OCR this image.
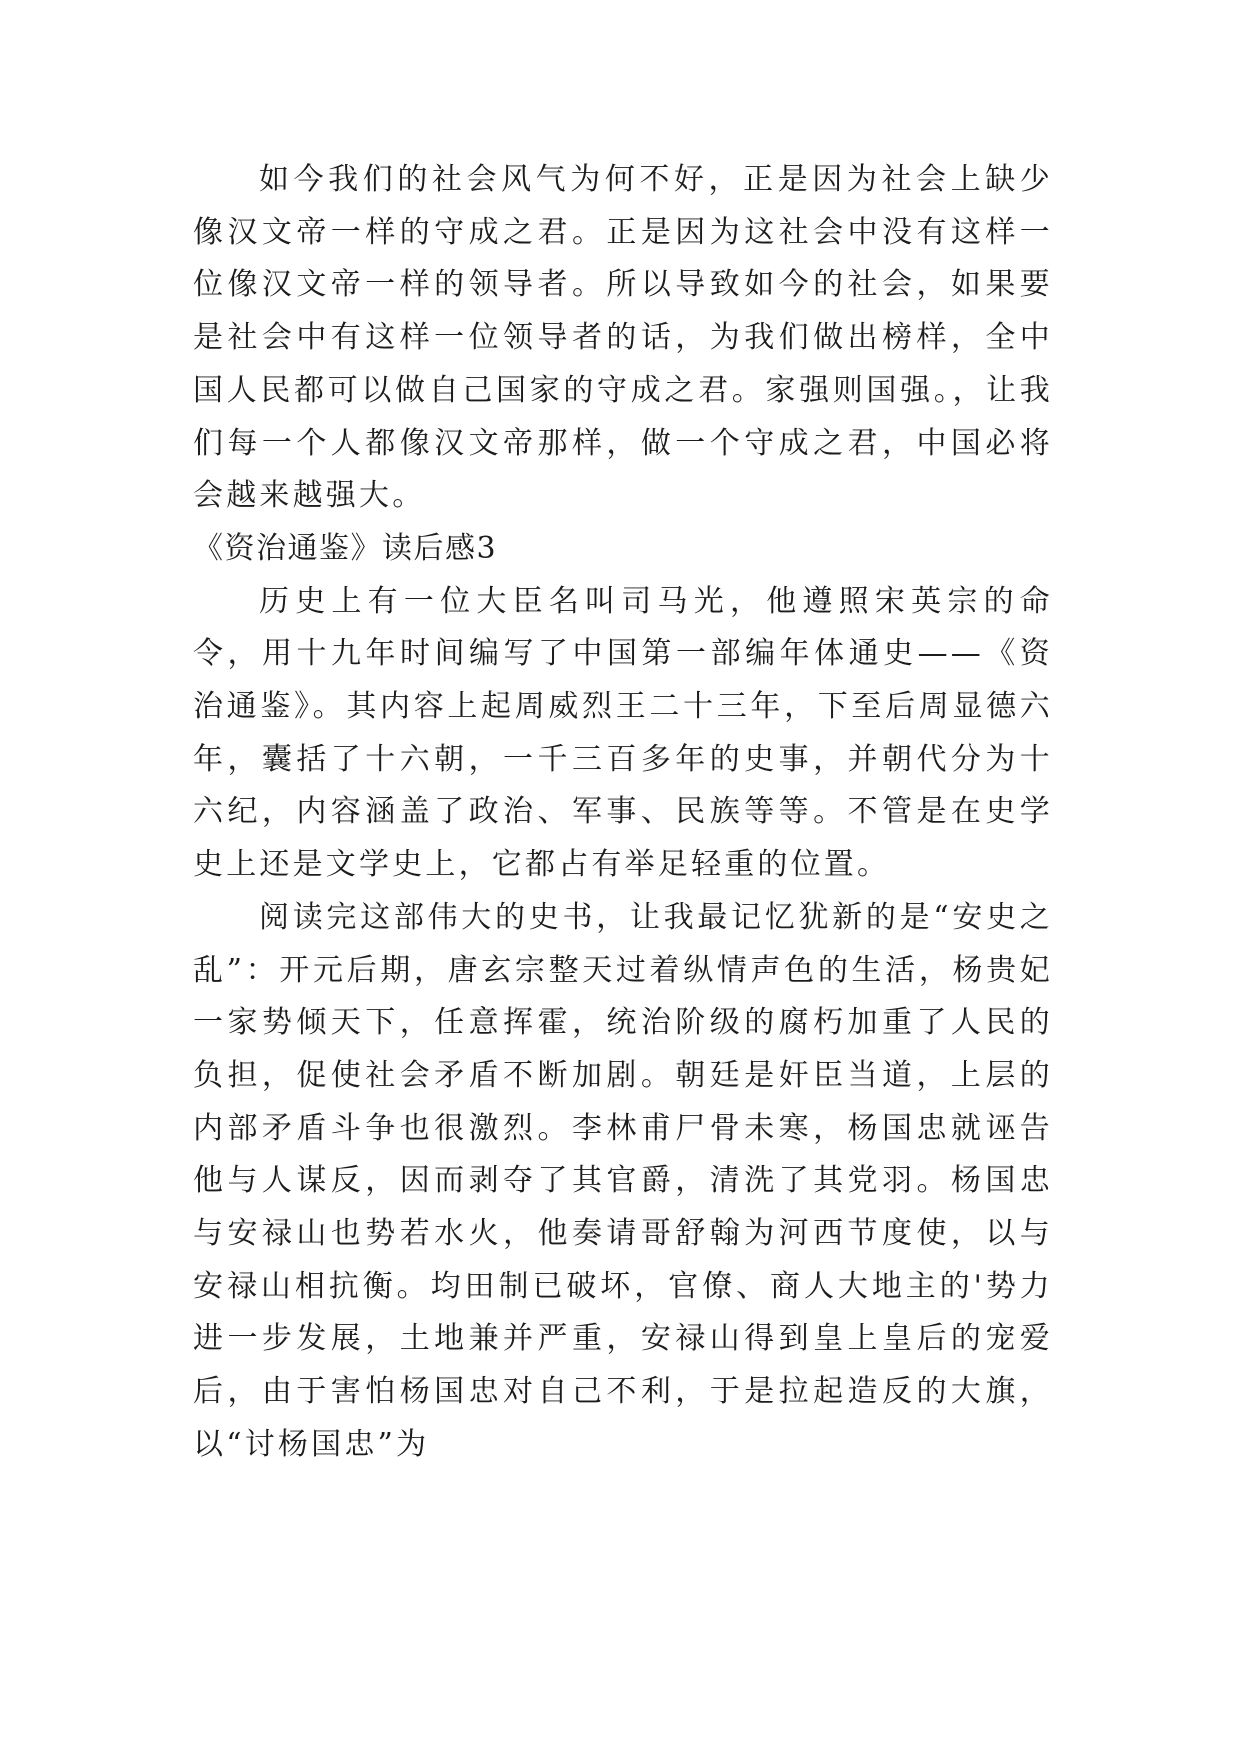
如今我们的社会风气为何不好，正是因为社会上缺少像汉文帝一样的守成之君。正是因为这社会中没有这样一位像汉文帝一样的领导者。所以导致如今的社会，如果要是社会中有这样一位领导者的话，为我们做出榜样，全中国人民都可以做自己国家的守成之君。家强则国强。，让我们每一个人都像汉文帝那样，做一个守成之君，中国必将会越来越强大。

《资治通鉴》读后感3

历史上有一位大臣名叫司马光，他遵照宋英宗的命令，用十九年时间编写了中国第一部编年体通史——《资治通鉴》。其内容上起周威烈王二十三年，下至后周显德六年，囊括了十六朝，一千三百多年的史事，并朝代分为十六纪，内容涵盖了政治、军事、民族等等。不管是在史学史上还是文学史上，它都占有举足轻重的位置。

阅读完这部伟大的史书，让我最记忆犹新的是“安史之乱”：开元后期，唐玄宗整天过着纵情声色的生活，杨贵妃一家势倾天下，任意挥霍，统治阶级的腐朽加重了人民的负担，促使社会矛盾不断加剧。朝廷是奸臣当道，上层的内部矛盾斗争也很激烈。李林甫尸骨未寒，杨国忠就诬告他与人谋反，因而剥夺了其官爵，清洗了其党羽。杨国忠与安禄山也势若水火，他奏请哥舒翰为河西节度使，以与安禄山相抗衡。均田制已破坏，官僚、商人大地主的'势力进一步发展，土地兼并严重，安禄山得到皇上皇后的宠爱后，由于害怕杨国忠对自己不利，于是拉起造反的大旗，以“讨杨国忠”为
